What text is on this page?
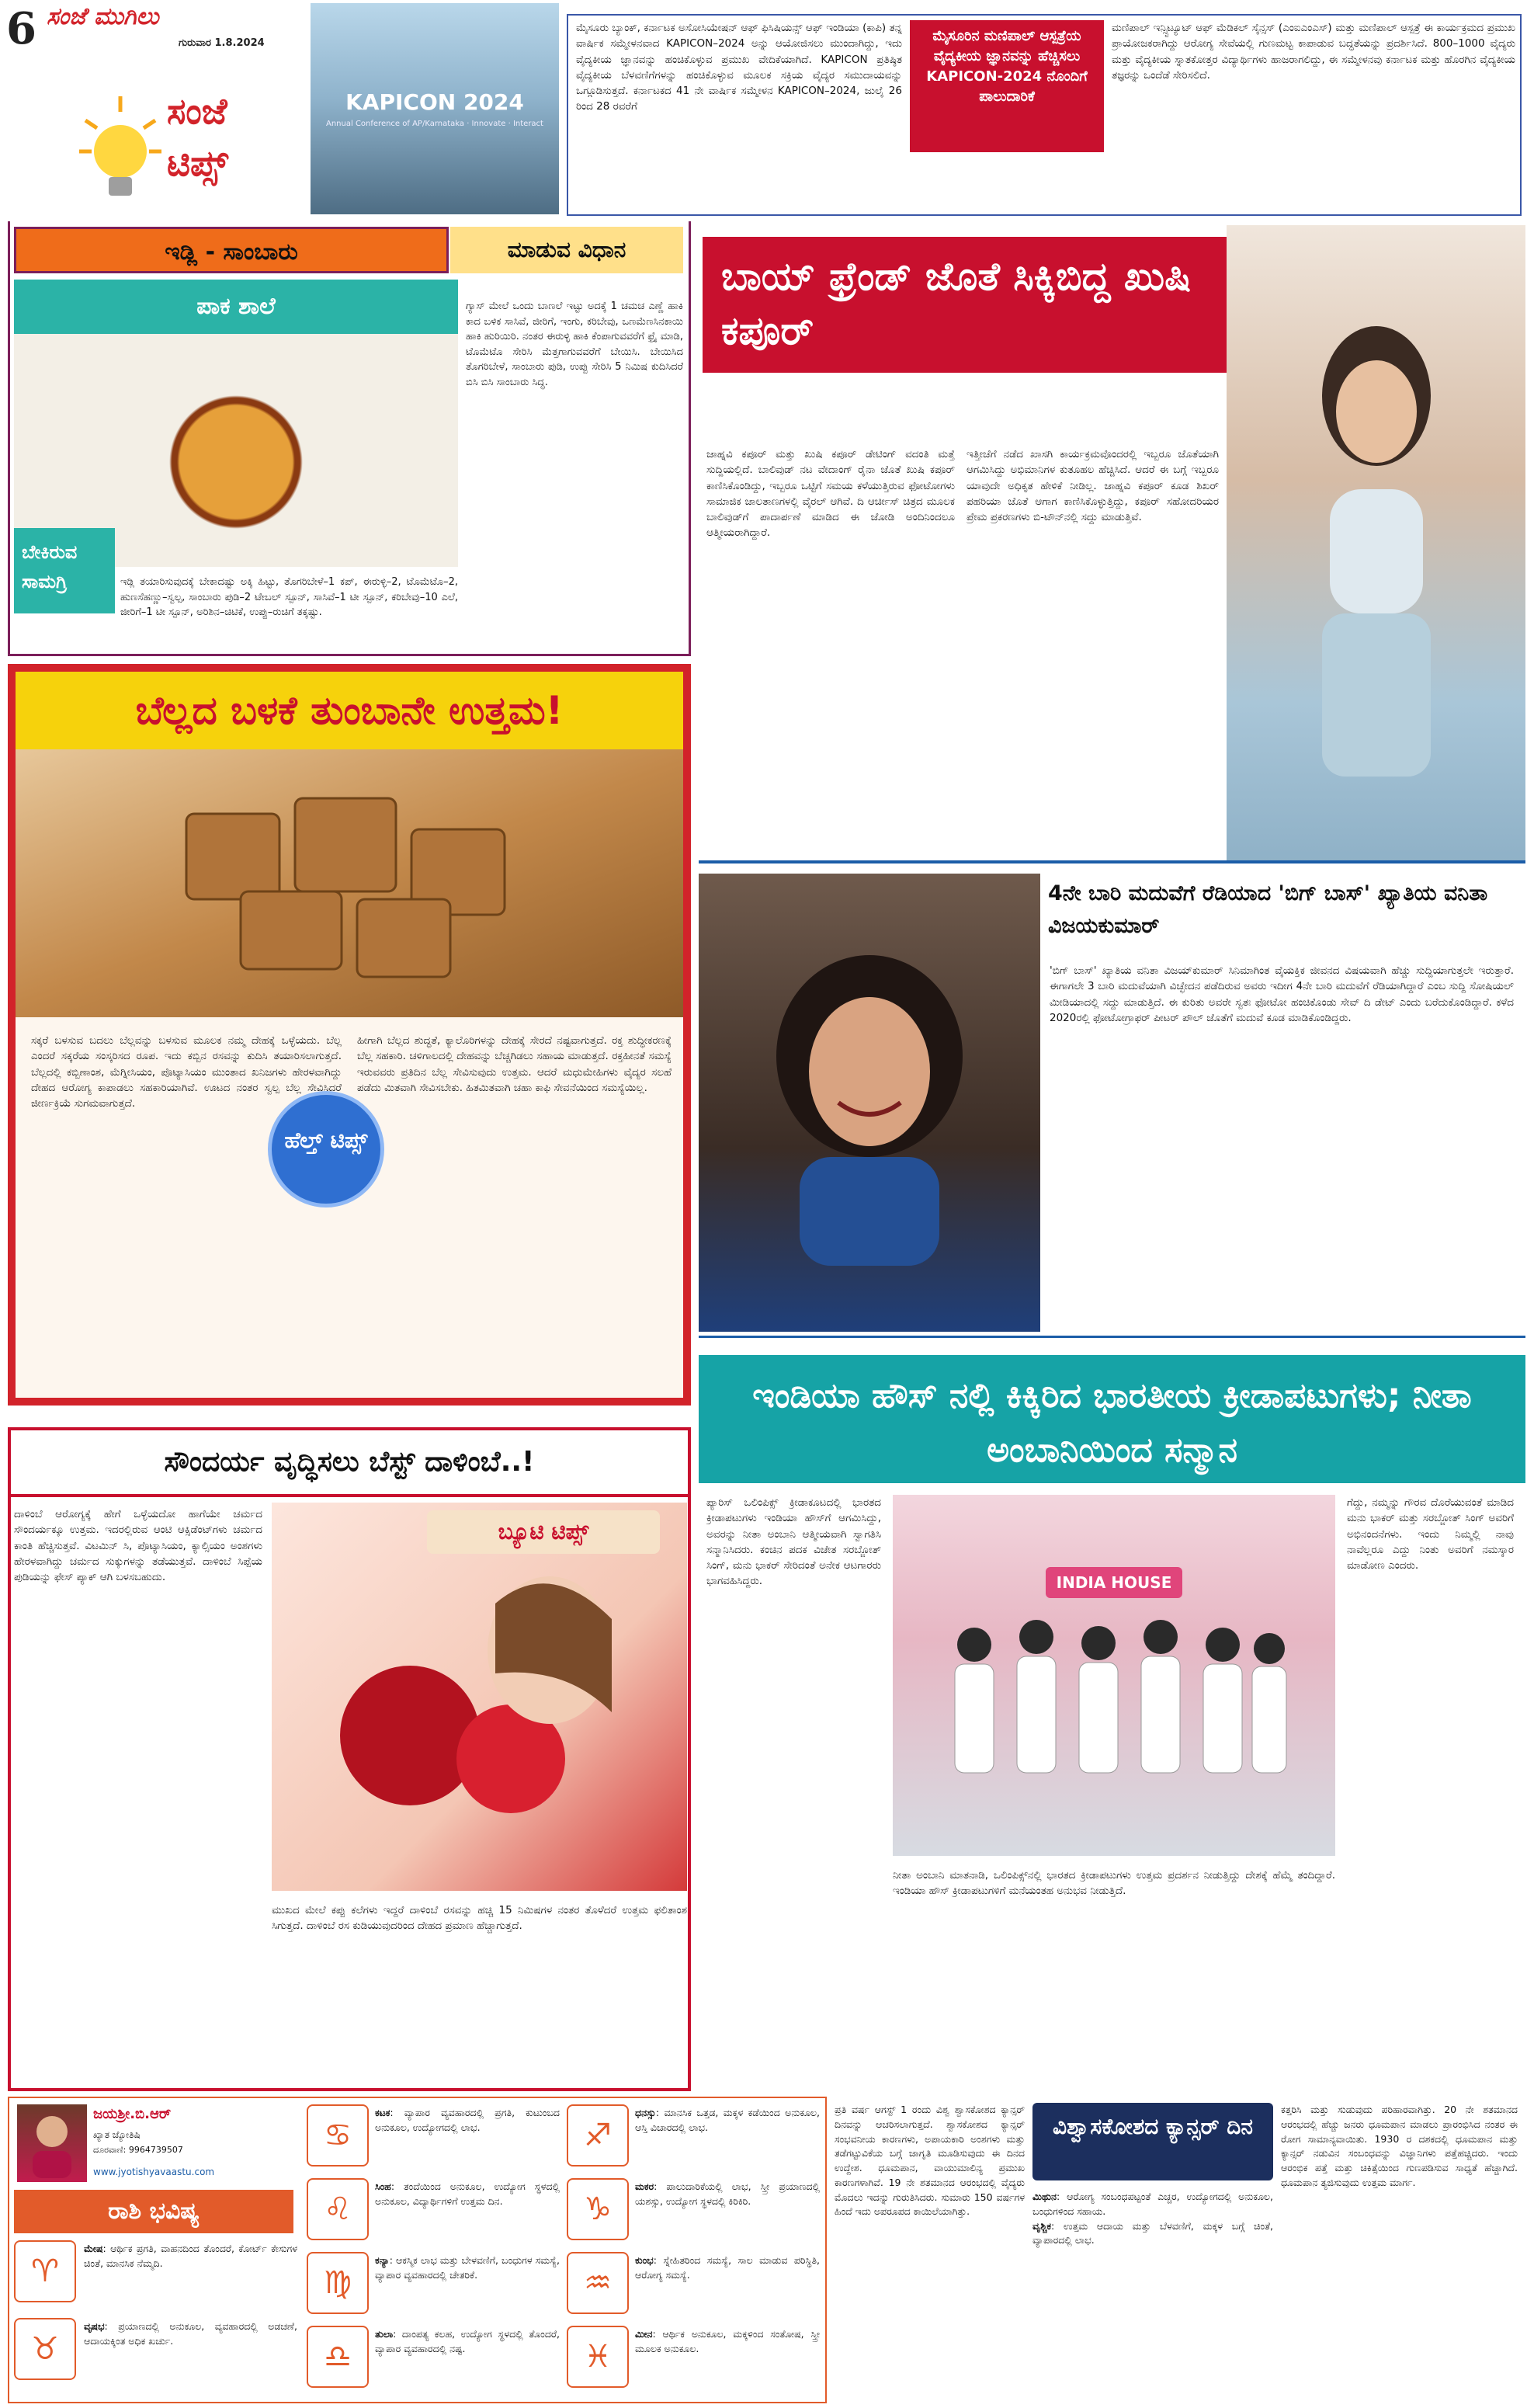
6 ಸಂಜೆ ಮುಗಿಲು
ಗುರುವಾರ 1.8.2024
ಸಂಜೆ ಟಿಪ್ಸ್
KAPICON 2024
Annual Conference of AP/Karnataka · Innovate · Interact
ಮೈಸೂರು ಬ್ಯಾಂಕ್, ಕರ್ನಾಟಕ ಅಸೋಸಿಯೇಷನ್ ಆಫ್ ಫಿಸಿಷಿಯನ್ಸ್ ಆಫ್ ಇಂಡಿಯಾ (ಕಾಪಿ) ತನ್ನ ವಾರ್ಷಿಕ ಸಮ್ಮೇಳನವಾದ KAPICON–2024 ಅನ್ನು ಆಯೋಜಿಸಲು ಮುಂದಾಗಿದ್ದು, ಇದು ವೈದ್ಯಕೀಯ ಜ್ಞಾನವನ್ನು ಹಂಚಿಕೊಳ್ಳುವ ಪ್ರಮುಖ ವೇದಿಕೆಯಾಗಿದೆ. KAPICON ಪ್ರತಿಷ್ಠಿತ ವೈದ್ಯಕೀಯ ಬೆಳವಣಿಗೆಗಳನ್ನು ಹಂಚಿಕೊಳ್ಳುವ ಮೂಲಕ ಸಕ್ರಿಯ ವೈದ್ಯರ ಸಮುದಾಯವನ್ನು ಒಗ್ಗೂಡಿಸುತ್ತದೆ. ಕರ್ನಾಟಕದ 41 ನೇ ವಾರ್ಷಿಕ ಸಮ್ಮೇಳನ KAPICON–2024, ಜುಲೈ 26 ರಿಂದ 28 ರವರೆಗೆ
ಮೈಸೂರಿನ ಮಣಿಪಾಲ್ ಆಸ್ಪತ್ರೆಯ ವೈದ್ಯಕೀಯ ಜ್ಞಾನವನ್ನು ಹೆಚ್ಚಿಸಲು KAPICON-2024 ನೊಂದಿಗೆ ಪಾಲುದಾರಿಕೆ
ಮಣಿಪಾಲ್ ಇನ್ಸ್ಟಿಟ್ಯೂಟ್ ಆಫ್ ಮೆಡಿಕಲ್ ಸೈನ್ಸಸ್ (ಎಂಐಎಂಎಸ್) ಮತ್ತು ಮಣಿಪಾಲ್ ಆಸ್ಪತ್ರೆ ಈ ಕಾರ್ಯಕ್ರಮದ ಪ್ರಮುಖ ಪ್ರಾಯೋಜಕರಾಗಿದ್ದು ಆರೋಗ್ಯ ಸೇವೆಯಲ್ಲಿ ಗುಣಮಟ್ಟ ಕಾಪಾಡುವ ಬದ್ಧತೆಯನ್ನು ಪ್ರದರ್ಶಿಸಿದೆ. 800–1000 ವೈದ್ಯರು ಮತ್ತು ವೈದ್ಯಕೀಯ ಸ್ನಾತಕೋತ್ತರ ವಿದ್ಯಾರ್ಥಿಗಳು ಹಾಜರಾಗಲಿದ್ದು, ಈ ಸಮ್ಮೇಳನವು ಕರ್ನಾಟಕ ಮತ್ತು ಹೊರಗಿನ ವೈದ್ಯಕೀಯ ತಜ್ಞರನ್ನು ಒಂದೆಡೆ ಸೇರಿಸಲಿದೆ.
ಇಡ್ಲಿ - ಸಾಂಬಾರು	ಮಾಡುವ ವಿಧಾನ
ಪಾಕ ಶಾಲೆ
ಬೇಕಿರುವ ಸಾಮಗ್ರಿ
ಗ್ಯಾಸ್ ಮೇಲೆ ಒಂದು ಬಾಣಲೆ ಇಟ್ಟು ಅದಕ್ಕೆ 1 ಚಮಚ ಎಣ್ಣೆ ಹಾಕಿ ಕಾದ ಬಳಿಕ ಸಾಸಿವೆ, ಜೀರಿಗೆ, ಇಂಗು, ಕರಿಬೇವು, ಒಣಮೆಣಸಿನಕಾಯಿ ಹಾಕಿ ಹುರಿಯಿರಿ. ನಂತರ ಈರುಳ್ಳಿ ಹಾಕಿ ಕೆಂಪಾಗುವವರೆಗೆ ಫ್ರೈ ಮಾಡಿ, ಟೊಮೆಟೊ ಸೇರಿಸಿ ಮೆತ್ತಗಾಗುವವರೆಗೆ ಬೇಯಿಸಿ. ಬೇಯಿಸಿದ ತೊಗರಿಬೇಳೆ, ಸಾಂಬಾರು ಪುಡಿ, ಉಪ್ಪು ಸೇರಿಸಿ 5 ನಿಮಿಷ ಕುದಿಸಿದರೆ ಬಿಸಿ ಬಿಸಿ ಸಾಂಬಾರು ಸಿದ್ಧ.
ಇಡ್ಲಿ ತಯಾರಿಸುವುದಕ್ಕೆ ಬೇಕಾದಷ್ಟು ಅಕ್ಕಿ ಹಿಟ್ಟು, ತೊಗರಿಬೇಳೆ–1 ಕಪ್, ಈರುಳ್ಳಿ–2, ಟೊಮೆಟೊ–2, ಹುಣಸೆಹಣ್ಣು–ಸ್ವಲ್ಪ, ಸಾಂಬಾರು ಪುಡಿ–2 ಟೇಬಲ್ ಸ್ಪೂನ್, ಸಾಸಿವೆ–1 ಟೀ ಸ್ಪೂನ್, ಕರಿಬೇವು–10 ಎಲೆ, ಜೀರಿಗೆ–1 ಟೀ ಸ್ಪೂನ್, ಅರಿಶಿನ–ಚಿಟಿಕೆ, ಉಪ್ಪು–ರುಚಿಗೆ ತಕ್ಕಷ್ಟು.
ಬಾಯ್ ಫ್ರೆಂಡ್ ಜೊತೆ ಸಿಕ್ಕಿಬಿದ್ದ ಖುಷಿ ಕಪೂರ್
ಜಾಹ್ನವಿ ಕಪೂರ್ ಮತ್ತು ಖುಷಿ ಕಪೂರ್ ಡೇಟಿಂಗ್ ವದಂತಿ ಮತ್ತೆ ಸುದ್ದಿಯಲ್ಲಿದೆ. ಬಾಲಿವುಡ್ ನಟ ವೇದಾಂಗ್ ರೈನಾ ಜೊತೆ ಖುಷಿ ಕಪೂರ್ ಕಾಣಿಸಿಕೊಂಡಿದ್ದು, ಇಬ್ಬರೂ ಒಟ್ಟಿಗೆ ಸಮಯ ಕಳೆಯುತ್ತಿರುವ ಫೋಟೋಗಳು ಸಾಮಾಜಿಕ ಜಾಲತಾಣಗಳಲ್ಲಿ ವೈರಲ್ ಆಗಿವೆ. ದಿ ಆರ್ಚೀಸ್ ಚಿತ್ರದ ಮೂಲಕ ಬಾಲಿವುಡ್‌ಗೆ ಪಾದಾರ್ಪಣೆ ಮಾಡಿದ ಈ ಜೋಡಿ ಅಂದಿನಿಂದಲೂ ಆತ್ಮೀಯರಾಗಿದ್ದಾರೆ.
ಇತ್ತೀಚೆಗೆ ನಡೆದ ಖಾಸಗಿ ಕಾರ್ಯಕ್ರಮವೊಂದರಲ್ಲಿ ಇಬ್ಬರೂ ಜೊತೆಯಾಗಿ ಆಗಮಿಸಿದ್ದು ಅಭಿಮಾನಿಗಳ ಕುತೂಹಲ ಹೆಚ್ಚಿಸಿದೆ. ಆದರೆ ಈ ಬಗ್ಗೆ ಇಬ್ಬರೂ ಯಾವುದೇ ಅಧಿಕೃತ ಹೇಳಿಕೆ ನೀಡಿಲ್ಲ. ಜಾಹ್ನವಿ ಕಪೂರ್ ಕೂಡ ಶಿಖರ್ ಪಹರಿಯಾ ಜೊತೆ ಆಗಾಗ ಕಾಣಿಸಿಕೊಳ್ಳುತ್ತಿದ್ದು, ಕಪೂರ್ ಸಹೋದರಿಯರ ಪ್ರೇಮ ಪ್ರಕರಣಗಳು ಬಿ-ಟೌನ್‌ನಲ್ಲಿ ಸದ್ದು ಮಾಡುತ್ತಿವೆ.
ಬೆಲ್ಲದ ಬಳಕೆ ತುಂಬಾನೇ ಉತ್ತಮ!
ಸಕ್ಕರೆ ಬಳಸುವ ಬದಲು ಬೆಲ್ಲವನ್ನು ಬಳಸುವ ಮೂಲಕ ನಮ್ಮ ದೇಹಕ್ಕೆ ಒಳ್ಳೆಯದು. ಬೆಲ್ಲ ಎಂದರೆ ಸಕ್ಕರೆಯ ಸಂಸ್ಕರಿಸದ ರೂಪ. ಇದು ಕಬ್ಬಿನ ರಸವನ್ನು ಕುದಿಸಿ ತಯಾರಿಸಲಾಗುತ್ತದೆ. ಬೆಲ್ಲದಲ್ಲಿ ಕಬ್ಬಿಣಾಂಶ, ಮೆಗ್ನೀಸಿಯಂ, ಪೊಟ್ಯಾಸಿಯಂ ಮುಂತಾದ ಖನಿಜಗಳು ಹೇರಳವಾಗಿದ್ದು ದೇಹದ ಆರೋಗ್ಯ ಕಾಪಾಡಲು ಸಹಕಾರಿಯಾಗಿವೆ. ಊಟದ ನಂತರ ಸ್ವಲ್ಪ ಬೆಲ್ಲ ಸೇವಿಸಿದರೆ ಜೀರ್ಣಕ್ರಿಯೆ ಸುಗಮವಾಗುತ್ತದೆ.
ಹೀಗಾಗಿ ಬೆಲ್ಲದ ಶುದ್ಧತೆ, ಕ್ಯಾಲೊರಿಗಳನ್ನು ದೇಹಕ್ಕೆ ಸೇರದೆ ನಷ್ಟವಾಗುತ್ತದೆ. ರಕ್ತ ಶುದ್ಧೀಕರಣಕ್ಕೆ ಬೆಲ್ಲ ಸಹಕಾರಿ. ಚಳಿಗಾಲದಲ್ಲಿ ದೇಹವನ್ನು ಬೆಚ್ಚಗಿಡಲು ಸಹಾಯ ಮಾಡುತ್ತದೆ. ರಕ್ತಹೀನತೆ ಸಮಸ್ಯೆ ಇರುವವರು ಪ್ರತಿದಿನ ಬೆಲ್ಲ ಸೇವಿಸುವುದು ಉತ್ತಮ. ಆದರೆ ಮಧುಮೇಹಿಗಳು ವೈದ್ಯರ ಸಲಹೆ ಪಡೆದು ಮಿತವಾಗಿ ಸೇವಿಸಬೇಕು. ಹಿತಮಿತವಾಗಿ ಚಹಾ ಕಾಫಿ ಸೇವನೆಯಿಂದ ಸಮಸ್ಯೆಯಿಲ್ಲ.
ಹೆಲ್ತ್ ಟಿಪ್ಸ್
4ನೇ ಬಾರಿ ಮದುವೆಗೆ ರೆಡಿಯಾದ 'ಬಿಗ್ ಬಾಸ್' ಖ್ಯಾತಿಯ ವನಿತಾ ವಿಜಯಕುಮಾರ್
'ಬಿಗ್ ಬಾಸ್' ಖ್ಯಾತಿಯ ವನಿತಾ ವಿಜಯ್‌ಕುಮಾರ್ ಸಿನಿಮಾಗಿಂತ ವೈಯಕ್ತಿಕ ಜೀವನದ ವಿಷಯವಾಗಿ ಹೆಚ್ಚು ಸುದ್ದಿಯಾಗುತ್ತಲೇ ಇರುತ್ತಾರೆ. ಈಗಾಗಲೇ 3 ಬಾರಿ ಮದುವೆಯಾಗಿ ವಿಚ್ಛೇದನ ಪಡೆದಿರುವ ಅವರು ಇದೀಗ 4ನೇ ಬಾರಿ ಮದುವೆಗೆ ರೆಡಿಯಾಗಿದ್ದಾರೆ ಎಂಬ ಸುದ್ದಿ ಸೋಷಿಯಲ್ ಮೀಡಿಯಾದಲ್ಲಿ ಸದ್ದು ಮಾಡುತ್ತಿದೆ. ಈ ಕುರಿತು ಅವರೇ ಸ್ವತಃ ಫೋಟೋ ಹಂಚಿಕೊಂಡು ಸೇವ್ ದಿ ಡೇಟ್ ಎಂದು ಬರೆದುಕೊಂಡಿದ್ದಾರೆ. ಕಳೆದ 2020ರಲ್ಲಿ ಫೋಟೋಗ್ರಾಫರ್ ಪೀಟರ್ ಪೌಲ್ ಜೊತೆಗೆ ಮದುವೆ ಕೂಡ ಮಾಡಿಕೊಂಡಿದ್ದರು.
ಇಂಡಿಯಾ ಹೌಸ್ ನಲ್ಲಿ ಕಿಕ್ಕಿರಿದ ಭಾರತೀಯ ಕ್ರೀಡಾಪಟುಗಳು; ನೀತಾ ಅಂಬಾನಿಯಿಂದ ಸನ್ಮಾನ
ಪ್ಯಾರಿಸ್ ಒಲಿಂಪಿಕ್ಸ್ ಕ್ರೀಡಾಕೂಟದಲ್ಲಿ ಭಾರತದ ಕ್ರೀಡಾಪಟುಗಳು ಇಂಡಿಯಾ ಹೌಸ್‌ಗೆ ಆಗಮಿಸಿದ್ದು, ಅವರನ್ನು ನೀತಾ ಅಂಬಾನಿ ಆತ್ಮೀಯವಾಗಿ ಸ್ವಾಗತಿಸಿ ಸನ್ಮಾನಿಸಿದರು. ಕಂಚಿನ ಪದಕ ವಿಜೇತ ಸರಬ್ಜೋತ್ ಸಿಂಗ್, ಮನು ಭಾಕರ್ ಸೇರಿದಂತೆ ಅನೇಕ ಆಟಗಾರರು ಭಾಗವಹಿಸಿದ್ದರು.	INDIA HOUSE
ಗೆದ್ದು, ನಮ್ಮನ್ನು ಗೌರವ ದೊರೆಯುವಂತೆ ಮಾಡಿದ ಮನು ಭಾಕರ್ ಮತ್ತು ಸರಬ್ಜೋತ್ ಸಿಂಗ್ ಅವರಿಗೆ ಅಭಿನಂದನೆಗಳು. ಇಂದು ನಿಮ್ಮಲ್ಲಿ ನಾವು ನಾವೆಲ್ಲರೂ ಎದ್ದು ನಿಂತು ಅವರಿಗೆ ನಮಸ್ಕಾರ ಮಾಡೋಣ ಎಂದರು.
ನೀತಾ ಅಂಬಾನಿ ಮಾತನಾಡಿ, ಒಲಿಂಪಿಕ್ಸ್‌ನಲ್ಲಿ ಭಾರತದ ಕ್ರೀಡಾಪಟುಗಳು ಉತ್ತಮ ಪ್ರದರ್ಶನ ನೀಡುತ್ತಿದ್ದು ದೇಶಕ್ಕೆ ಹೆಮ್ಮೆ ತಂದಿದ್ದಾರೆ. ಇಂಡಿಯಾ ಹೌಸ್ ಕ್ರೀಡಾಪಟುಗಳಿಗೆ ಮನೆಯಂತಹ ಅನುಭವ ನೀಡುತ್ತಿದೆ.
ಸೌಂದರ್ಯ ವೃದ್ಧಿಸಲು ಬೆಸ್ಟ್ ದಾಳಿಂಬೆ..!
ಬ್ಯೂಟಿ ಟಿಪ್ಸ್
ದಾಳಿಂಬೆ ಆರೋಗ್ಯಕ್ಕೆ ಹೇಗೆ ಒಳ್ಳೆಯದೋ ಹಾಗೆಯೇ ಚರ್ಮದ ಸೌಂದರ್ಯಕ್ಕೂ ಉತ್ತಮ. ಇದರಲ್ಲಿರುವ ಆಂಟಿ ಆಕ್ಸಿಡೆಂಟ್‌ಗಳು ಚರ್ಮದ ಕಾಂತಿ ಹೆಚ್ಚಿಸುತ್ತವೆ. ವಿಟಮಿನ್ ಸಿ, ಪೊಟ್ಯಾಸಿಯಂ, ಕ್ಯಾಲ್ಸಿಯಂ ಅಂಶಗಳು ಹೇರಳವಾಗಿದ್ದು ಚರ್ಮದ ಸುಕ್ಕುಗಳನ್ನು ತಡೆಯುತ್ತವೆ. ದಾಳಿಂಬೆ ಸಿಪ್ಪೆಯ ಪುಡಿಯನ್ನು ಫೇಸ್ ಪ್ಯಾಕ್ ಆಗಿ ಬಳಸಬಹುದು.
ಮುಖದ ಮೇಲೆ ಕಪ್ಪು ಕಲೆಗಳು ಇದ್ದರೆ ದಾಳಿಂಬೆ ರಸವನ್ನು ಹಚ್ಚಿ 15 ನಿಮಿಷಗಳ ನಂತರ ತೊಳೆದರೆ ಉತ್ತಮ ಫಲಿತಾಂಶ ಸಿಗುತ್ತದೆ. ದಾಳಿಂಬೆ ರಸ ಕುಡಿಯುವುದರಿಂದ ದೇಹದ ಪ್ರಮಾಣ ಹೆಚ್ಚಾಗುತ್ತದೆ.
ಜಯಶ್ರೀ.ಬಿ.ಆರ್
ಖ್ಯಾತ ಜ್ಯೋತಿಷಿ
ದೂರವಾಣಿ: 9964739507
www.jyotishyavaastu.com
ರಾಶಿ ಭವಿಷ್ಯ
♈
ಮೇಷ: ಆರ್ಥಿಕ ಪ್ರಗತಿ, ವಾಹನದಿಂದ ತೊಂದರೆ, ಕೋರ್ಟ್ ಕೇಸುಗಳ ಚಿಂತೆ, ಮಾನಸಿಕ ನೆಮ್ಮದಿ.
♉
ವೃಷಭ: ಪ್ರಯಾಣದಲ್ಲಿ ಅನುಕೂಲ, ವ್ಯವಹಾರದಲ್ಲಿ ಅಡಚಣೆ, ಆದಾಯಕ್ಕಿಂತ ಅಧಿಕ ಖರ್ಚು.
♋
ಕಟಕ: ವ್ಯಾಪಾರ ವ್ಯವಹಾರದಲ್ಲಿ ಪ್ರಗತಿ, ಕುಟುಂಬದ ಅನುಕೂಲ, ಉದ್ಯೋಗದಲ್ಲಿ ಲಾಭ.
♌
ಸಿಂಹ: ತಂದೆಯಿಂದ ಅನುಕೂಲ, ಉದ್ಯೋಗ ಸ್ಥಳದಲ್ಲಿ ಅನುಕೂಲ, ವಿದ್ಯಾರ್ಥಿಗಳಿಗೆ ಉತ್ತಮ ದಿನ.
♍
ಕನ್ಯಾ: ಆಕಸ್ಮಿಕ ಲಾಭ ಮತ್ತು ಬೇಳವಣಿಗೆ, ಬಂಧುಗಳ ಸಮಸ್ಯೆ, ವ್ಯಾಪಾರ ವ್ಯವಹಾರದಲ್ಲಿ ಚೇತರಿಕೆ.
♎
ತುಲಾ: ದಾಂಪತ್ಯ ಕಲಹ, ಉದ್ಯೋಗ ಸ್ಥಳದಲ್ಲಿ ತೊಂದರೆ, ವ್ಯಾಪಾರ ವ್ಯವಹಾರದಲ್ಲಿ ನಷ್ಟ.
♐
ಧನಸ್ಸು: ಮಾನಸಿಕ ಒತ್ತಡ, ಮಕ್ಕಳ ಕಡೆಯಿಂದ ಅನುಕೂಲ, ಆಸ್ತಿ ವಿಚಾರದಲ್ಲಿ ಲಾಭ.
♑
ಮಕರ: ಪಾಲುದಾರಿಕೆಯಲ್ಲಿ ಲಾಭ, ಸ್ತ್ರೀ ಪ್ರಯಾಣದಲ್ಲಿ ಯಶಸ್ಸು, ಉದ್ಯೋಗ ಸ್ಥಳದಲ್ಲಿ ಕಿರಿಕಿರಿ.
♒
ಕುಂಭ: ಸ್ನೇಹಿತರಿಂದ ಸಮಸ್ಯೆ, ಸಾಲ ಮಾಡುವ ಪರಿಸ್ಥಿತಿ, ಆರೋಗ್ಯ ಸಮಸ್ಯೆ.
♓
ಮೀನ: ಆರ್ಥಿಕ ಅನುಕೂಲ, ಮಕ್ಕಳಿಂದ ಸಂತೋಷ, ಸ್ತ್ರೀ ಮೂಲಕ ಅನುಕೂಲ.
ವಿಶ್ವಾಸಕೋಶದ ಕ್ಯಾನ್ಸರ್ ದಿನ
ಪ್ರತಿ ವರ್ಷ ಆಗಸ್ಟ್ 1 ರಂದು ವಿಶ್ವ ಶ್ವಾಸಕೋಶದ ಕ್ಯಾನ್ಸರ್ ದಿನವನ್ನು ಆಚರಿಸಲಾಗುತ್ತದೆ. ಶ್ವಾಸಕೋಶದ ಕ್ಯಾನ್ಸರ್ ಸಂಭವನೀಯ ಕಾರಣಗಳು, ಅಪಾಯಕಾರಿ ಅಂಶಗಳು ಮತ್ತು ತಡೆಗಟ್ಟುವಿಕೆಯ ಬಗ್ಗೆ ಜಾಗೃತಿ ಮೂಡಿಸುವುದು ಈ ದಿನದ ಉದ್ದೇಶ. ಧೂಮಪಾನ, ವಾಯುಮಾಲಿನ್ಯ ಪ್ರಮುಖ ಕಾರಣಗಳಾಗಿವೆ. 19 ನೇ ಶತಮಾನದ ಆರಂಭದಲ್ಲಿ ವೈದ್ಯರು ಮೊದಲು ಇದನ್ನು ಗುರುತಿಸಿದರು. ಸುಮಾರು 150 ವರ್ಷಗಳ ಹಿಂದೆ ಇದು ಅಪರೂಪದ ಕಾಯಿಲೆಯಾಗಿತ್ತು.
ಕತ್ತರಿಸಿ ಮತ್ತು ಸುಡುವುದು ಪರಿಹಾರವಾಗಿತ್ತು. 20 ನೇ ಶತಮಾನದ ಆರಂಭದಲ್ಲಿ ಹೆಚ್ಚು ಜನರು ಧೂಮಪಾನ ಮಾಡಲು ಪ್ರಾರಂಭಿಸಿದ ನಂತರ ಈ ರೋಗ ಸಾಮಾನ್ಯವಾಯಿತು. 1930 ರ ದಶಕದಲ್ಲಿ ಧೂಮಪಾನ ಮತ್ತು ಕ್ಯಾನ್ಸರ್ ನಡುವಿನ ಸಂಬಂಧವನ್ನು ವಿಜ್ಞಾನಿಗಳು ಪತ್ತೆಹಚ್ಚಿದರು. ಇಂದು ಆರಂಭಿಕ ಪತ್ತೆ ಮತ್ತು ಚಿಕಿತ್ಸೆಯಿಂದ ಗುಣಪಡಿಸುವ ಸಾಧ್ಯತೆ ಹೆಚ್ಚಾಗಿದೆ. ಧೂಮಪಾನ ತ್ಯಜಿಸುವುದು ಉತ್ತಮ ಮಾರ್ಗ.
ಮಿಥುನ: ಆರೋಗ್ಯ ಸಂಬಂಧಪಟ್ಟಂತೆ ಎಚ್ಚರ, ಉದ್ಯೋಗದಲ್ಲಿ ಅನುಕೂಲ, ಬಂಧುಗಳಿಂದ ಸಹಾಯ.
ವೃಶ್ಚಿಕ: ಉತ್ತಮ ಆದಾಯ ಮತ್ತು ಬೆಳವಣಿಗೆ, ಮಕ್ಕಳ ಬಗ್ಗೆ ಚಿಂತೆ, ವ್ಯಾಪಾರದಲ್ಲಿ ಲಾಭ.
